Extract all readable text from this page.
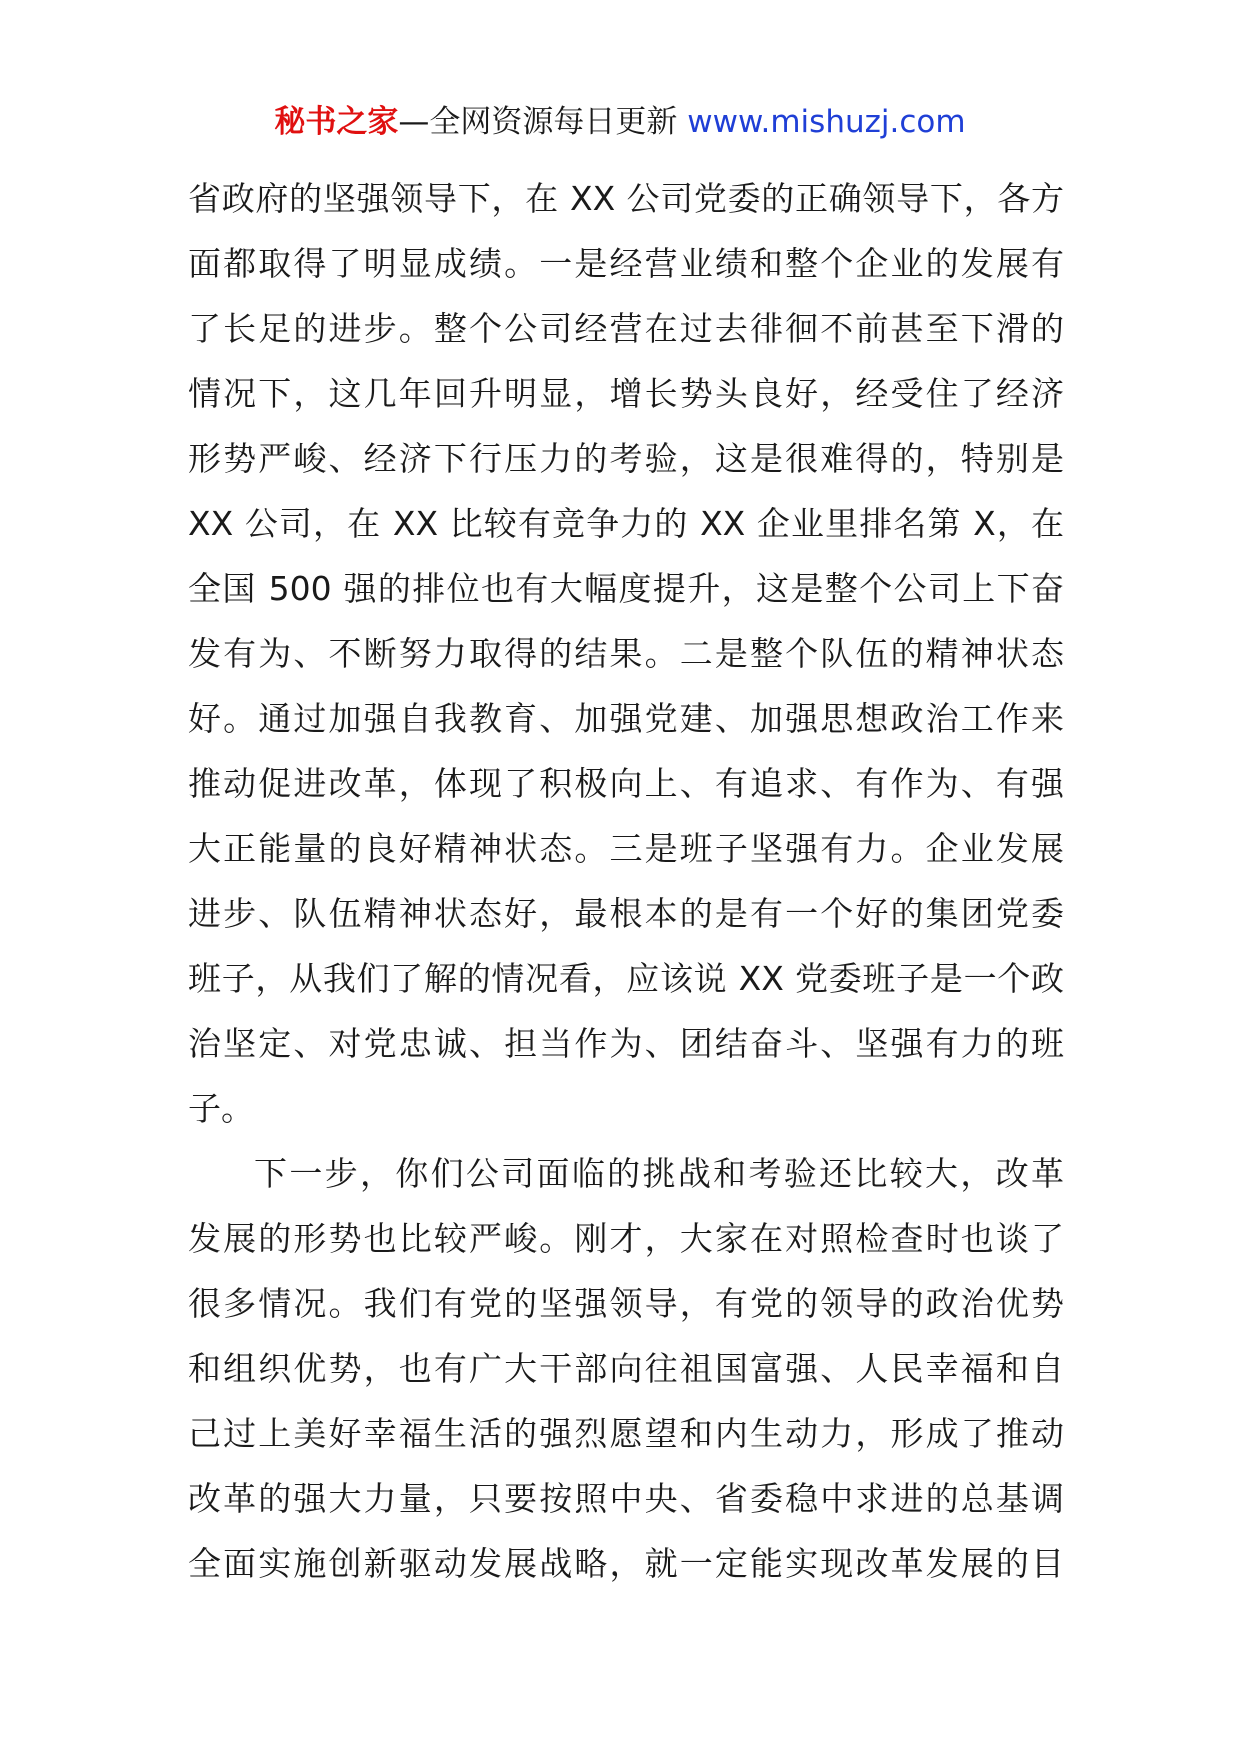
秘书之家—全网资源每日更新 www.mishuzj.com
省政府的坚强领导下，在 XX 公司党委的正确领导下，各方
面都取得了明显成绩。一是经营业绩和整个企业的发展有
了长足的进步。整个公司经营在过去徘徊不前甚至下滑的
情况下，这几年回升明显，增长势头良好，经受住了经济
形势严峻、经济下行压力的考验，这是很难得的，特别是
XX 公司，在 XX 比较有竞争力的 XX 企业里排名第 X，在
全国 500 强的排位也有大幅度提升，这是整个公司上下奋
发有为、不断努力取得的结果。二是整个队伍的精神状态
好。通过加强自我教育、加强党建、加强思想政治工作来
推动促进改革，体现了积极向上、有追求、有作为、有强
大正能量的良好精神状态。三是班子坚强有力。企业发展
进步、队伍精神状态好，最根本的是有一个好的集团党委
班子，从我们了解的情况看，应该说 XX 党委班子是一个政
治坚定、对党忠诚、担当作为、团结奋斗、坚强有力的班
子。
下一步，你们公司面临的挑战和考验还比较大，改革
发展的形势也比较严峻。刚才，大家在对照检查时也谈了
很多情况。我们有党的坚强领导，有党的领导的政治优势
和组织优势，也有广大干部向往祖国富强、人民幸福和自
己过上美好幸福生活的强烈愿望和内生动力，形成了推动
改革的强大力量，只要按照中央、省委稳中求进的总基调
全面实施创新驱动发展战略，就一定能实现改革发展的目
